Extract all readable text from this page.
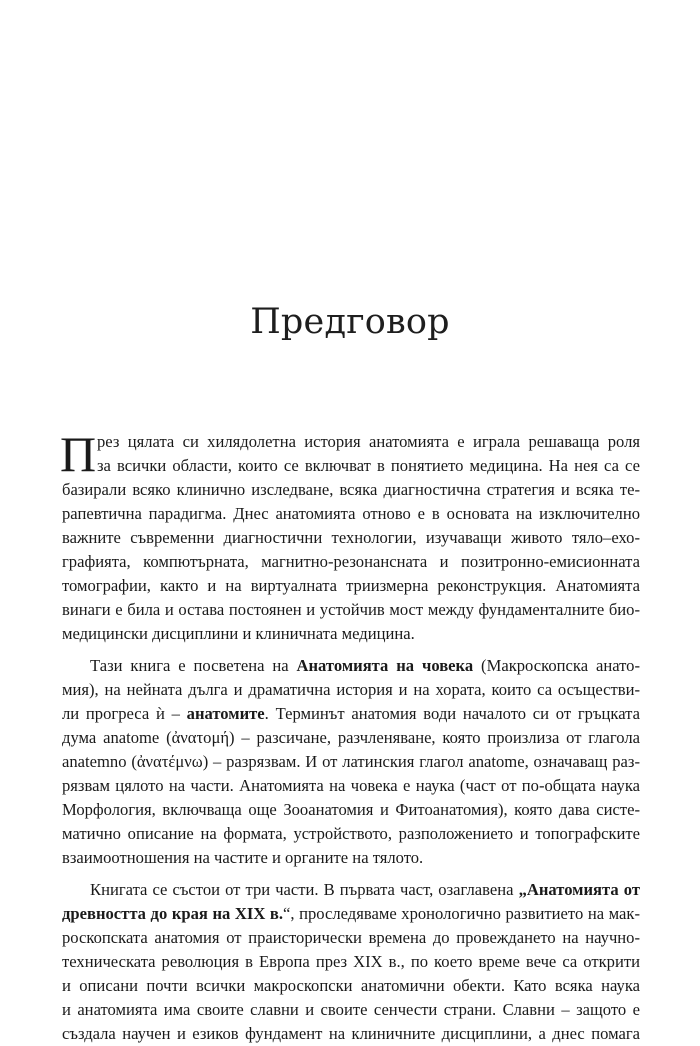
Предговор
П рез цялата си хилядолетна история анатомията е играла решаваща роля
за всички области, които се включват в понятието медицина. На нея са се
базирали всяко клинично изследване, всяка диагностична стратегия и всяка те-
рапевтична парадигма. Днес анатомията отново е в основата на изключително
важните съвременни диагностични технологии, изучаващи живото тяло–ехо-
графията, компютърната, магнитно-резонансната и позитронно-емисионната
томографии, както и на виртуалната триизмерна реконструкция. Анатомията
винаги е била и остава постоянен и устойчив мост между фундаменталните био-
медицински дисциплини и клиничната медицина.
Тази книга е посветена на Анатомията на човека (Макроскопска анато-
мия), на нейната дълга и драматична история и на хората, които са осъществи-
ли прогреса ѝ – анатомите. Терминът анатомия води началото си от гръцката
дума anatome (ἀνατομή) – разсичане, разчленяване, която произлиза от глагола
anatemno (ἀνατέμνω) – разрязвам. И от латинския глагол anatome, означаващ раз-
рязвам цялото на части. Анатомията на човека е наука (част от по-общата наука
Морфология, включваща още Зооанатомия и Фитоанатомия), която дава систе-
матично описание на формата, устройството, разположението и топографските
взаимоотношения на частите и органите на тялото.
Книгата се състои от три части. В първата част, озаглавена „Анатомията от
древността до края на XIX в.“, проследяваме хронологично развитието на мак-
роскопската анатомия от праисторически времена до провеждането на научно-
техническата революция в Европа през XIX в., по което време вече са открити
и описани почти всички макроскопски анатомични обекти. Като всяка наука
и анатомията има своите славни и своите сенчести страни. Славни – защото е
създала научен и езиков фундамент на клиничните дисциплини, а днес помага
